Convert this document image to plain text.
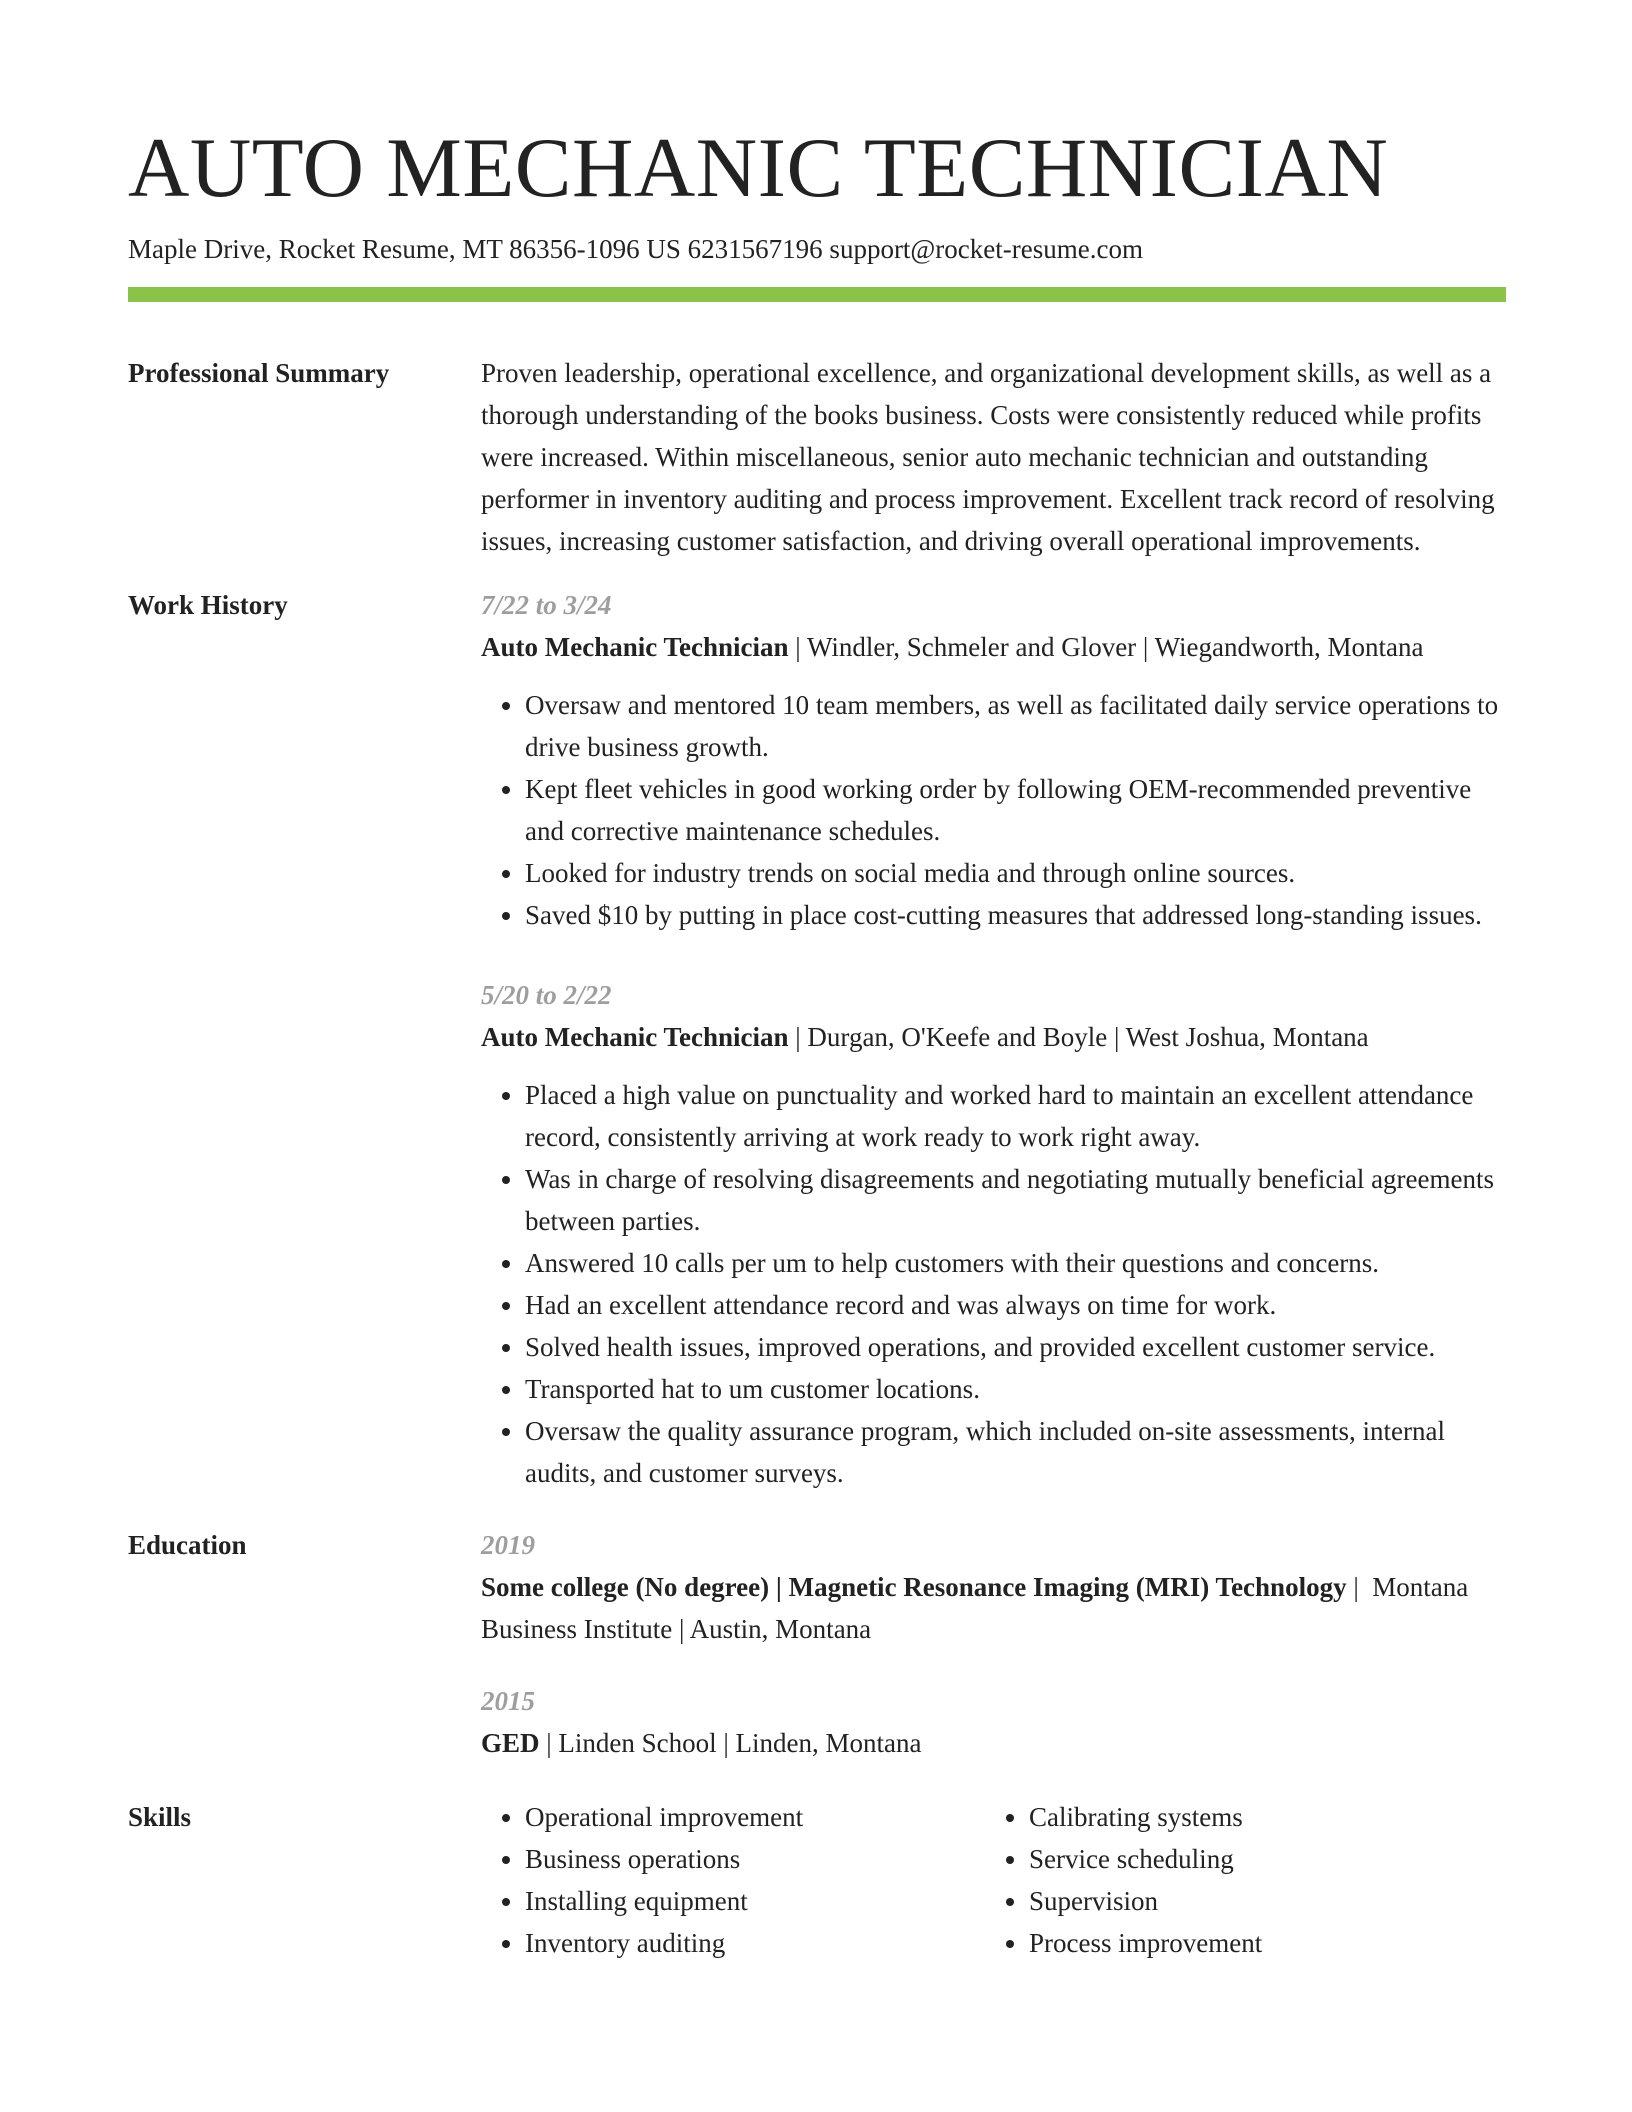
AUTO MECHANIC TECHNICIAN
Maple Drive, Rocket Resume, MT 86356-1096 US 6231567196 support@rocket-resume.com
Professional Summary	Proven leadership, operational excellence, and organizational development skills, as well as a thorough understanding of the books business. Costs were consistently reduced while profits were increased. Within miscellaneous, senior auto mechanic technician and outstanding performer in inventory auditing and process improvement. Excellent track record of resolving issues, increasing customer satisfaction, and driving overall operational improvements.
Work History	7/22 to 3/24
Auto Mechanic Technician | Windler, Schmeler and Glover | Wiegandworth, Montana
• Oversaw and mentored 10 team members, as well as facilitated daily service operations to drive business growth.
• Kept fleet vehicles in good working order by following OEM-recommended preventive and corrective maintenance schedules.
• Looked for industry trends on social media and through online sources.
• Saved $10 by putting in place cost-cutting measures that addressed long-standing issues.
5/20 to 2/22
Auto Mechanic Technician | Durgan, O'Keefe and Boyle | West Joshua, Montana
• Placed a high value on punctuality and worked hard to maintain an excellent attendance record, consistently arriving at work ready to work right away.
• Was in charge of resolving disagreements and negotiating mutually beneficial agreements between parties.
• Answered 10 calls per um to help customers with their questions and concerns.
• Had an excellent attendance record and was always on time for work.
• Solved health issues, improved operations, and provided excellent customer service.
• Transported hat to um customer locations.
• Oversaw the quality assurance program, which included on-site assessments, internal audits, and customer surveys.
Education	2019
Some college (No degree) | Magnetic Resonance Imaging (MRI) Technology |  Montana Business Institute | Austin, Montana
2015
GED | Linden School | Linden, Montana
Skills
•	Operational improvement
• Business operations
• Installing equipment
• Inventory auditing
• Calibrating systems
• Service scheduling
• Supervision
• Process improvement
